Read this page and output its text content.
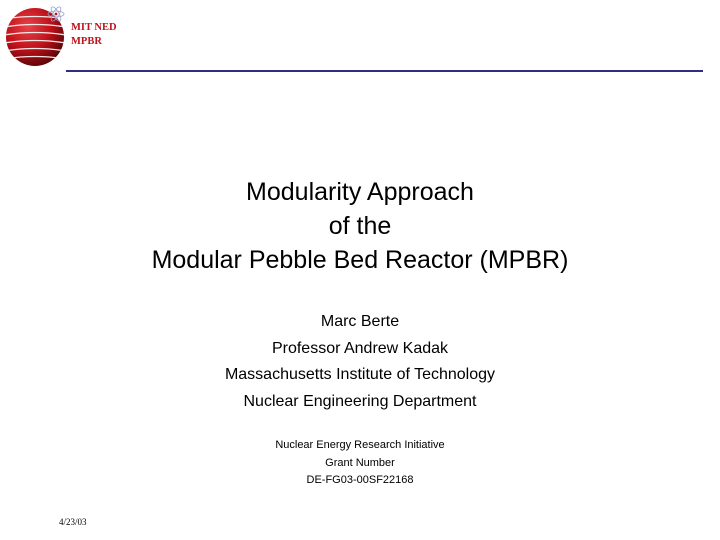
MIT NED
MPBR
Modularity Approach
of the
Modular Pebble Bed Reactor (MPBR)
Marc Berte
Professor Andrew Kadak
Massachusetts Institute of Technology
Nuclear Engineering Department
Nuclear Energy Research Initiative
Grant Number
DE-FG03-00SF22168
4/23/03
